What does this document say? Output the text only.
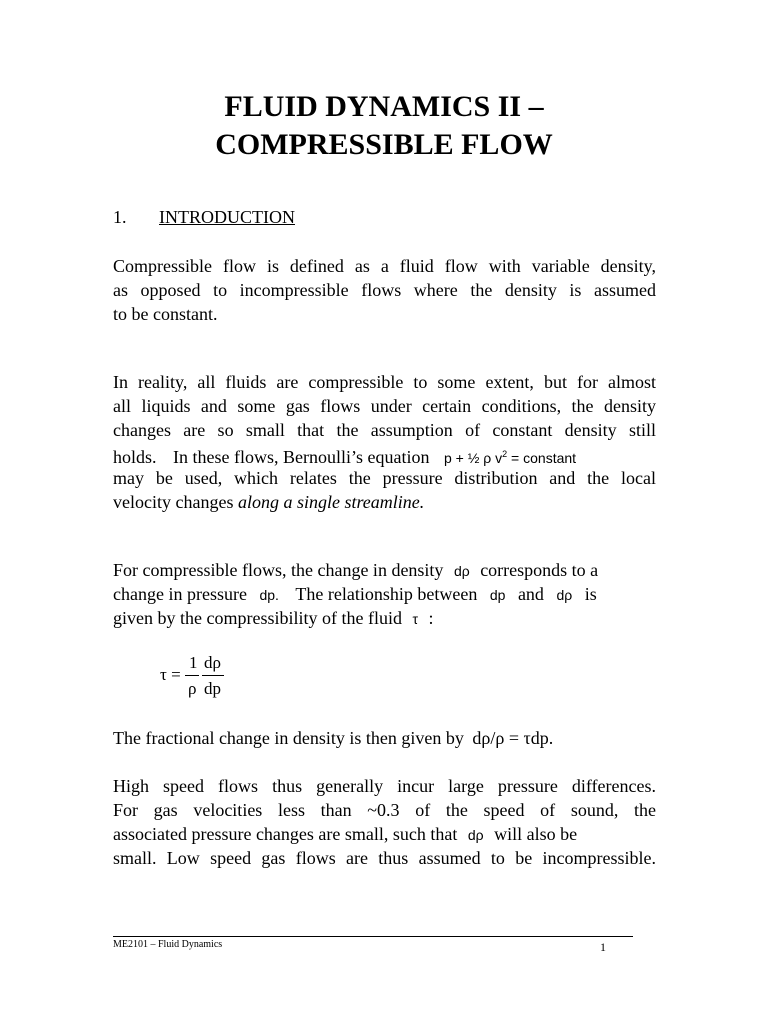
FLUID DYNAMICS II –
COMPRESSIBLE FLOW
1. INTRODUCTION
Compressible flow is defined as a fluid flow with variable density,
as opposed to incompressible flows where the density is assumed
to be constant.
In reality, all fluids are compressible to some extent, but for almost
all liquids and some gas flows under certain conditions, the density
changes are so small that the assumption of constant density still
holds. In these flows, Bernoulli’s equation p + ½ ρ $v^2$ = constant
may be used, which relates the pressure distribution and the local
velocity changes along a single streamline.
For compressible flows, the change in density dρ corresponds to a
change in pressure dp. The relationship between dp and dρ is
given by the compressibility of the fluid τ :
τ =
1
ρ
dρ
dp
The fractional change in density is then given by dρ/ρ = τdp.
High speed flows thus generally incur large pressure differences.
For gas velocities less than ~0.3 of the speed of sound, the
associated pressure changes are small, such that dρ will also be
small. Low speed gas flows are thus assumed to be incompressible.
ME2101 – Fluid Dynamics	1
